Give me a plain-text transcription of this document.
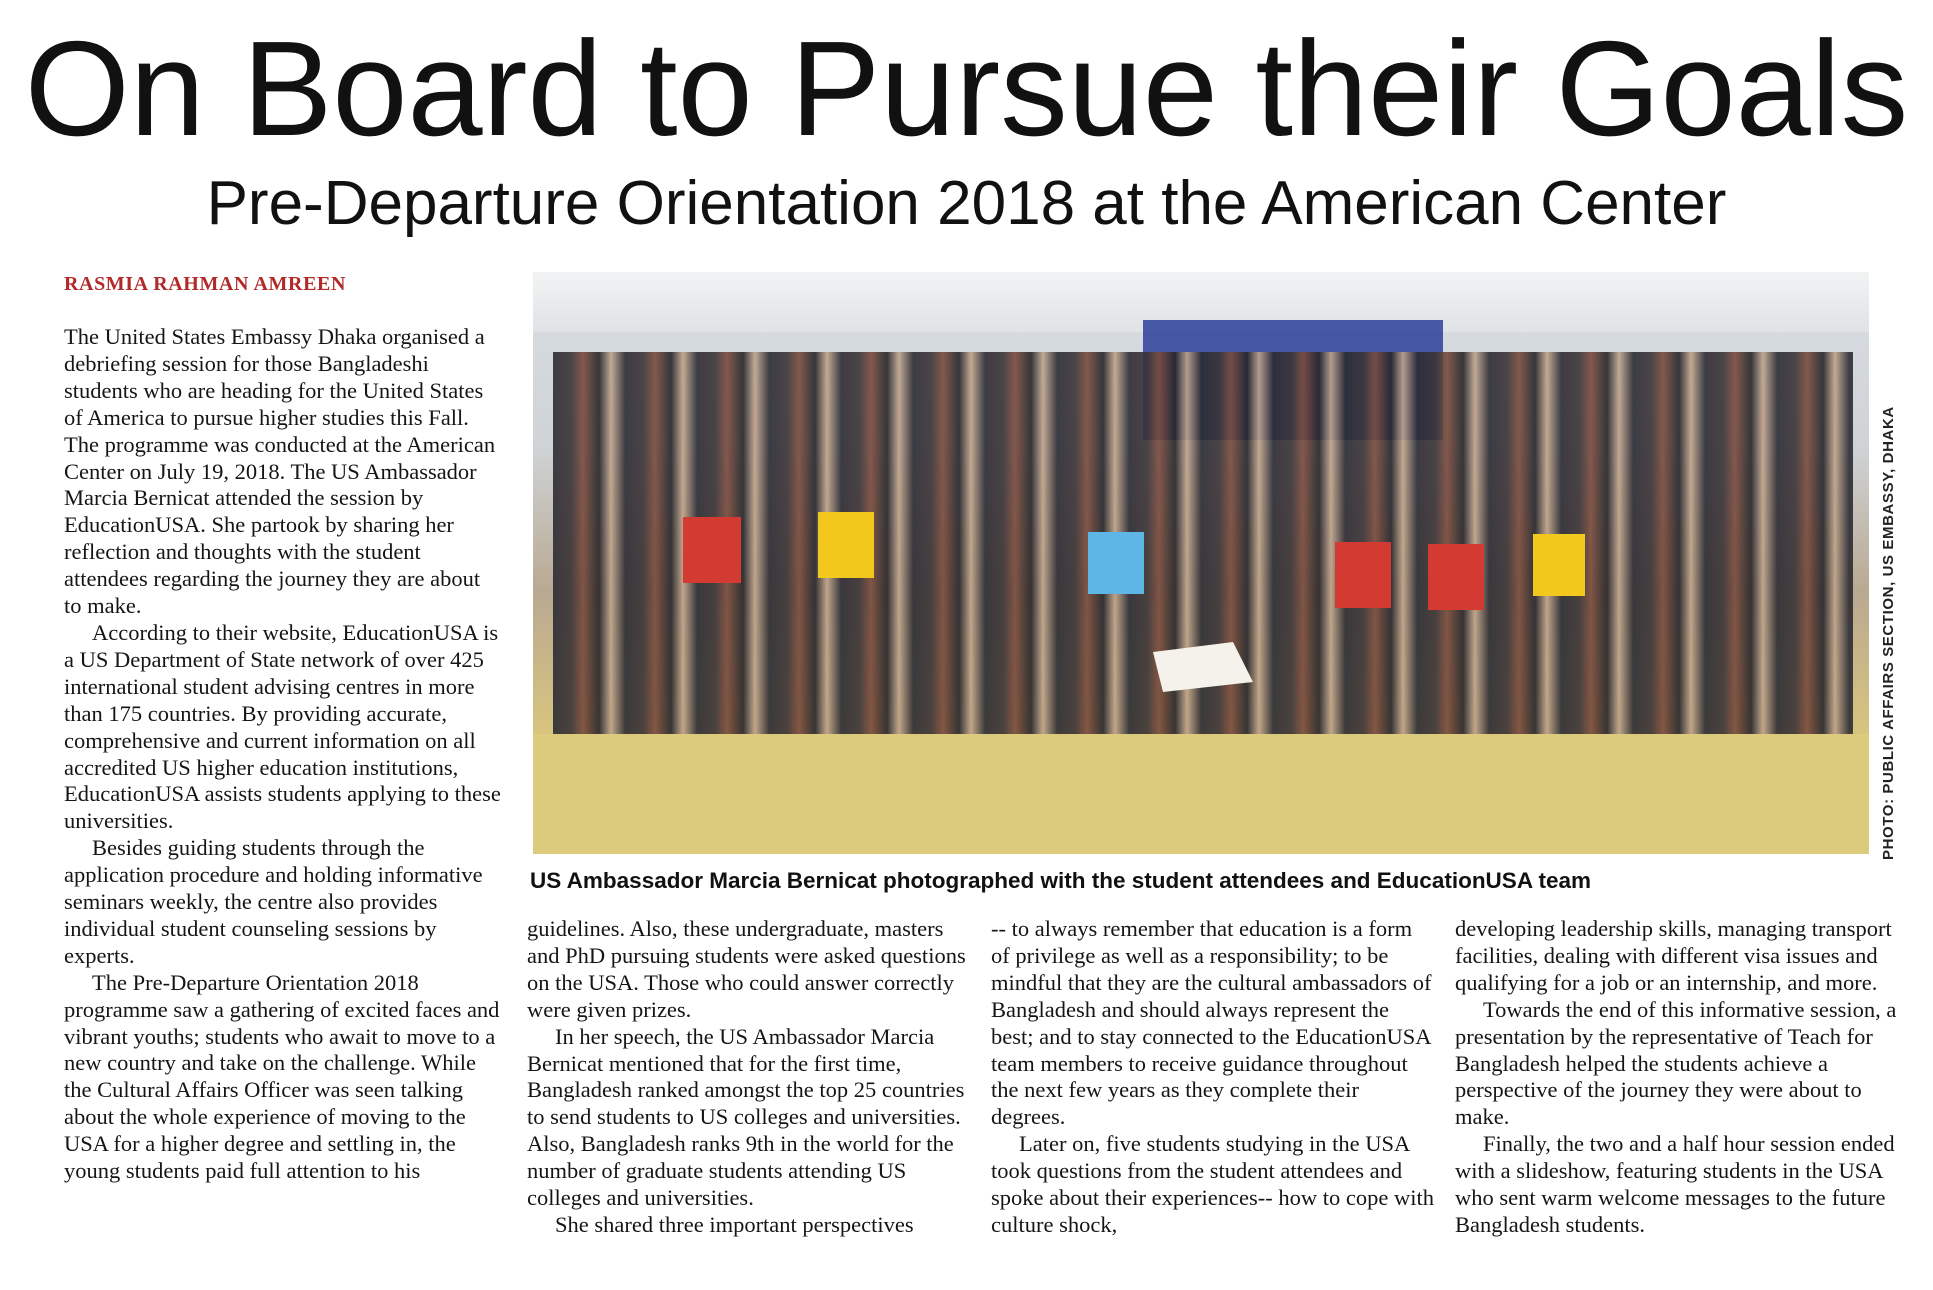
On Board to Pursue their Goals
Pre-Departure Orientation 2018 at the American Center
RASMIA RAHMAN AMREEN

The United States Embassy Dhaka organised a debriefing session for those Bangladeshi students who are heading for the United States of America to pursue higher studies this Fall. The programme was conducted at the American Center on July 19, 2018. The US Ambassador Marcia Bernicat attended the session by EducationUSA. She partook by sharing her reflection and thoughts with the student attendees regarding the journey they are about to make.

According to their website, EducationUSA is a US Department of State network of over 425 international student advising centres in more than 175 countries. By providing accurate, comprehensive and current information on all accredited US higher education institutions, EducationUSA assists students applying to these universities.

Besides guiding students through the application procedure and holding informative seminars weekly, the centre also provides individual student counseling sessions by experts.

The Pre-Departure Orientation 2018 programme saw a gathering of excited faces and vibrant youths; students who await to move to a new country and take on the challenge. While the Cultural Affairs Officer was seen talking about the whole experience of moving to the USA for a higher degree and settling in, the young students paid full attention to his

PHOTO: PUBLIC AFFAIRS SECTION, US EMBASSY, DHAKA
US Ambassador Marcia Bernicat photographed with the student attendees and EducationUSA team

guidelines. Also, these undergraduate, masters and PhD pursuing students were asked questions on the USA. Those who could answer correctly were given prizes.

In her speech, the US Ambassador Marcia Bernicat mentioned that for the first time, Bangladesh ranked amongst the top 25 countries to send students to US colleges and universities. Also, Bangladesh ranks 9th in the world for the number of graduate students attending US colleges and universities.

She shared three important perspectives

-- to always remember that education is a form of privilege as well as a responsibility; to be mindful that they are the cultural ambassadors of Bangladesh and should always represent the best; and to stay connected to the EducationUSA team members to receive guidance throughout the next few years as they complete their degrees.

Later on, five students studying in the USA took questions from the student attendees and spoke about their experiences-- how to cope with culture shock,

developing leadership skills, managing transport facilities, dealing with different visa issues and qualifying for a job or an internship, and more.

Towards the end of this informative session, a presentation by the representative of Teach for Bangladesh helped the students achieve a perspective of the journey they were about to make.

Finally, the two and a half hour session ended with a slideshow, featuring students in the USA who sent warm welcome messages to the future Bangladesh students.
